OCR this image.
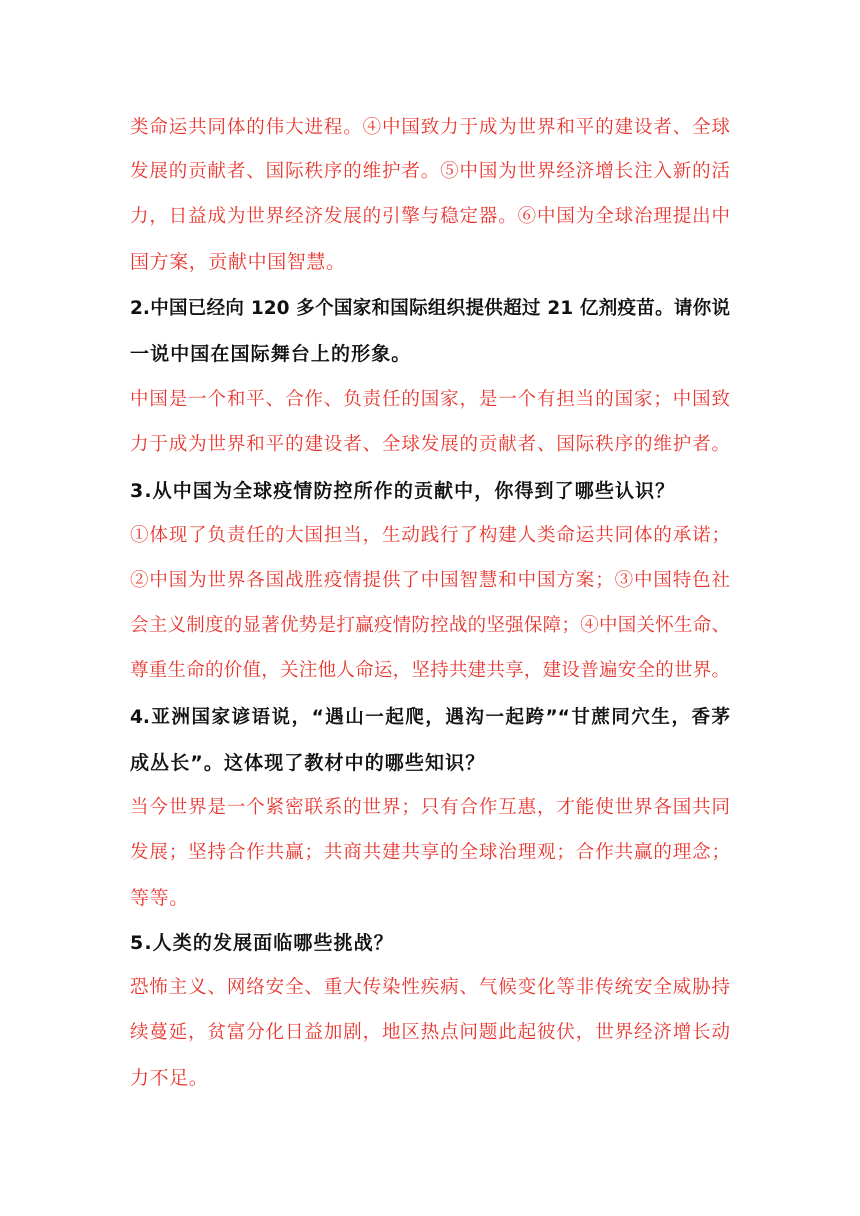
类命运共同体的伟大进程。④中国致力于成为世界和平的建设者、全球
发展的贡献者、国际秩序的维护者。⑤中国为世界经济增长注入新的活
力，日益成为世界经济发展的引擎与稳定器。⑥中国为全球治理提出中
国方案，贡献中国智慧。
2.中国已经向 120 多个国家和国际组织提供超过 21 亿剂疫苗。请你说
一说中国在国际舞台上的形象。
中国是一个和平、合作、负责任的国家，是一个有担当的国家；中国致
力于成为世界和平的建设者、全球发展的贡献者、国际秩序的维护者。
3.从中国为全球疫情防控所作的贡献中，你得到了哪些认识？
①体现了负责任的大国担当，生动践行了构建人类命运共同体的承诺；
②中国为世界各国战胜疫情提供了中国智慧和中国方案；③中国特色社
会主义制度的显著优势是打赢疫情防控战的坚强保障；④中国关怀生命、
尊重生命的价值，关注他人命运，坚持共建共享，建设普遍安全的世界。
4.亚洲国家谚语说，“遇山一起爬，遇沟一起跨”“甘蔗同穴生，香茅
成丛长”。这体现了教材中的哪些知识？
当今世界是一个紧密联系的世界；只有合作互惠，才能使世界各国共同
发展；坚持合作共赢；共商共建共享的全球治理观；合作共赢的理念；
等等。
5.人类的发展面临哪些挑战？
恐怖主义、网络安全、重大传染性疾病、气候变化等非传统安全威胁持
续蔓延，贫富分化日益加剧，地区热点问题此起彼伏，世界经济增长动
力不足。
